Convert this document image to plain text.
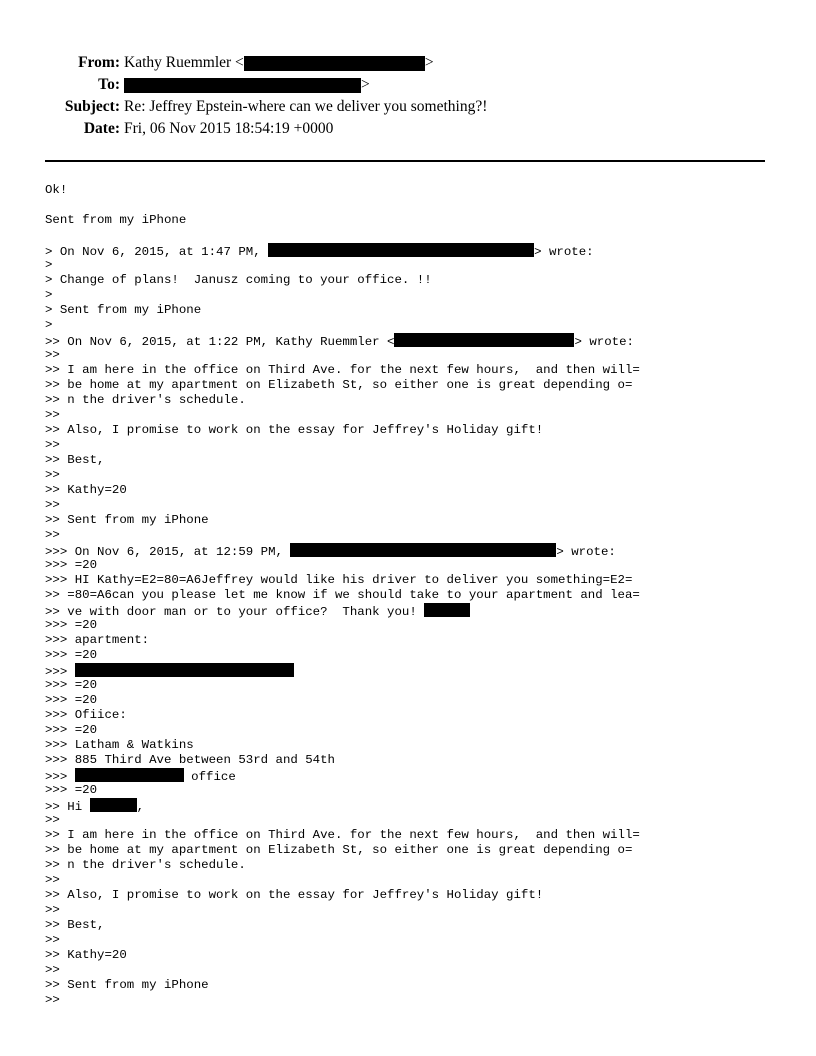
From: Kathy Ruemmler <	>
To:	>
Subject: Re: Jeffrey Epstein-where can we deliver you something?!
Date: Fri, 06 Nov 2015 18:54:19 +0000
Ok!
Sent from my iPhone
> On Nov 6, 2015, at 1:47 PM,	> wrote:
>
> Change of plans!  Janusz coming to your office. !!
>
> Sent from my iPhone
>
>> On Nov 6, 2015, at 1:22 PM, Kathy Ruemmler <	> wrote:
>>
>> I am here in the office on Third Ave. for the next few hours,  and then will=
>> be home at my apartment on Elizabeth St, so either one is great depending o=
>> n the driver's schedule.
>>
>> Also, I promise to work on the essay for Jeffrey's Holiday gift!
>>
>> Best,
>>
>> Kathy=20
>>
>> Sent from my iPhone
>>
>>> On Nov 6, 2015, at 12:59 PM,	> wrote:
>>> =20
>>> HI Kathy=E2=80=A6Jeffrey would like his driver to deliver you something=E2=
>> =80=A6can you please let me know if we should take to your apartment and lea=
>> ve with door man or to your office?  Thank you!
>>> =20
>>> apartment:
>>> =20
>>>
>>> =20
>>> =20
>>> Ofiice:
>>> =20
>>> Latham & Watkins
>>> 885 Third Ave between 53rd and 54th
>>>	office
>>> =20
>> Hi	,
>>
>> I am here in the office on Third Ave. for the next few hours,  and then will=
>> be home at my apartment on Elizabeth St, so either one is great depending o=
>> n the driver's schedule.
>>
>> Also, I promise to work on the essay for Jeffrey's Holiday gift!
>>
>> Best,
>>
>> Kathy=20
>>
>> Sent from my iPhone
>>
